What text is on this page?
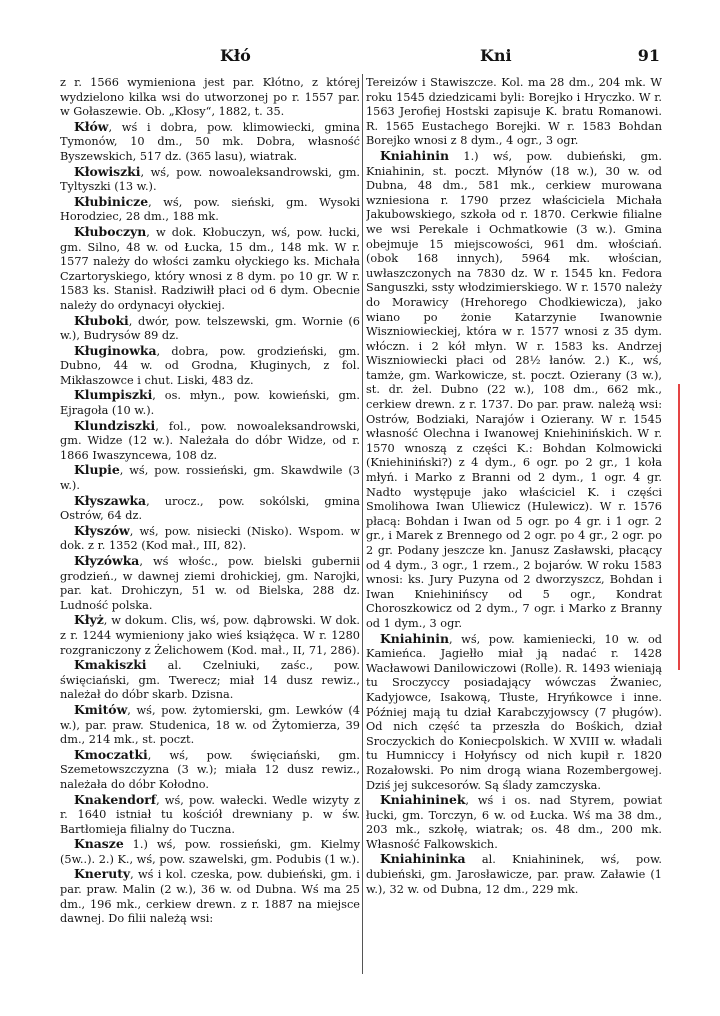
Kłó	Kni	91

z r. 1566 wymieniona jest par. Kłótno, z której wydzielono kilka wsi do utworzonej po r. 1557 par. w Gołaszewie. Ob. „Kłosy“, 1882, t. 35.

Kłów, wś i dobra, pow. klimowiecki, gmina Tymonów, 10 dm., 50 mk. Dobra, własność Byszewskich, 517 dz. (365 lasu), wiatrak.

Kłowiszki, wś, pow. nowoaleksandrowski, gm. Tyltyszki (13 w.).

Kłubinicze, wś, pow. sieński, gm. Wysoki Horodziec, 28 dm., 188 mk.

Kłuboczyn, w dok. Kłobuczyn, wś, pow. łucki, gm. Silno, 48 w. od Łucka, 15 dm., 148 mk. W r. 1577 należy do włości zamku ołyckiego ks. Michała Czartoryskiego, który wnosi z 8 dym. po 10 gr. W r. 1583 ks. Stanisł. Radziwiłł płaci od 6 dym. Obecnie należy do ordynacyi ołyckiej.

Kłuboki, dwór, pow. telszewski, gm. Wornie (6 w.), Budrysów 89 dz.

Kługinowka, dobra, pow. grodzieński, gm. Dubno, 44 w. od Grodna, Kługinych, z fol. Mikłaszowce i chut. Liski, 483 dz.

Klumpiszki, os. młyn., pow. kowieński, gm. Ejragoła (10 w.).

Klundziszki, fol., pow. nowoaleksandrowski, gm. Widze (12 w.). Należała do dóbr Widze, od r. 1866 Iwaszyncewa, 108 dz.

Klupie, wś, pow. rossieński, gm. Skawdwile (3 w.).

Kłyszawka, urocz., pow. sokólski, gmina Ostrów, 64 dz.

Kłyszów, wś, pow. nisiecki (Nisko). Wspom. w dok. z r. 1352 (Kod mał., III, 82).

Kłyzówka, wś włośc., pow. bielski gubernii grodzień., w dawnej ziemi drohickiej, gm. Narojki, par. kat. Drohiczyn, 51 w. od Bielska, 288 dz. Ludność polska.

Kłyż, w dokum. Clis, wś, pow. dąbrowski. W dok. z r. 1244 wymieniony jako wieś książęca. W r. 1280 rozgraniczony z Żelichowem (Kod. mał., II, 71, 286).

Kmakiszki al. Czelniuki, zaśc., pow. święciański, gm. Twerecz; miał 14 dusz rewiz., należał do dóbr skarb. Dzisna.

Kmitów, wś, pow. żytomierski, gm. Lewków (4 w.), par. praw. Studenica, 18 w. od Żytomierza, 39 dm., 214 mk., st. poczt.

Kmoczatki, wś, pow. święciański, gm. Szemetowszczyzna (3 w.); miała 12 dusz rewiz., należała do dóbr Kołodno.

Knakendorf, wś, pow. wałecki. Wedle wizyty z r. 1640 istniał tu kościół drewniany p. w św. Bartłomieja filialny do Tuczna.

Knasze 1.) wś, pow. rossieński, gm. Kielmy (5w..). 2.) K., wś, pow. szawelski, gm. Podubis (1 w.).

Kneruty, wś i kol. czeska, pow. dubieński, gm. i par. praw. Malin (2 w.), 36 w. od Dubna. Wś ma 25 dm., 196 mk., cerkiew drewn. z r. 1887 na miejsce dawnej. Do filii należą wsi:

Tereizów i Stawiszcze. Kol. ma 28 dm., 204 mk. W roku 1545 dziedzicami byli: Borejko i Hryczko. W r. 1563 Jerofiej Hostski zapisuje K. bratu Romanowi. R. 1565 Eustachego Borejki. W r. 1583 Bohdan Borejko wnosi z 8 dym., 4 ogr., 3 ogr.

Kniahinin 1.) wś, pow. dubieński, gm. Kniahinin, st. poczt. Młynów (18 w.), 30 w. od Dubna, 48 dm., 581 mk., cerkiew murowana wzniesiona r. 1790 przez właściciela Michała Jakubowskiego, szkoła od r. 1870. Cerkwie filialne we wsi Perekale i Ochmatkowie (3 w.). Gmina obejmuje 15 miejscowości, 961 dm. włościań. (obok 168 innych), 5964 mk. włościan, uwłaszczonych na 7830 dz. W r. 1545 kn. Fedora Sanguszki, ssty włodzimierskiego. W r. 1570 należy do Morawicy (Hrehorego Chodkiewicza), jako wiano po żonie Katarzynie Iwanownie Wiszniowieckiej, która w r. 1577 wnosi z 35 dym. włóczn. i 2 kół młyn. W r. 1583 ks. Andrzej Wiszniowiecki płaci od 28½ łanów. 2.) K., wś, tamże, gm. Warkowicze, st. poczt. Ozierany (3 w.), st. dr. żel. Dubno (22 w.), 108 dm., 662 mk., cerkiew drewn. z r. 1737. Do par. praw. należą wsi: Ostrów, Bodziaki, Narajów i Ozierany. W r. 1545 własność Olechna i Iwanowej Kniehinińskich. W r. 1570 wnoszą z części K.: Bohdan Kolmowicki (Kniehiniński?) z 4 dym., 6 ogr. po 2 gr., 1 koła młyń. i Marko z Branni od 2 dym., 1 ogr. 4 gr. Nadto występuje jako właściciel K. i części Smolihowa Iwan Uliewicz (Hulewicz). W r. 1576 płacą: Bohdan i Iwan od 5 ogr. po 4 gr. i 1 ogr. 2 gr., i Marek z Brennego od 2 ogr. po 4 gr., 2 ogr. po 2 gr. Podany jeszcze kn. Janusz Zasławski, płacący od 4 dym., 3 ogr., 1 rzem., 2 bojarów. W roku 1583 wnosi: ks. Jury Puzyna od 2 dworzyszcz, Bohdan i Iwan Kniehinińscy od 5 ogr., Kondrat Choroszkowicz od 2 dym., 7 ogr. i Marko z Branny od 1 dym., 3 ogr.

Kniahinin, wś, pow. kamieniecki, 10 w. od Kamieńca. Jagiełło miał ją nadać r. 1428 Wacławowi Danilowiczowi (Rolle). R. 1493 wieniają tu Sroczyccy posiadający wówczas Żwaniec, Kadyjowce, Isakową, Tłuste, Hryńkowce i inne. Później mają tu dział Karabczyjowscy (7 pługów). Od nich część ta przeszła do Bośkich, dział Sroczyckich do Koniecpolskich. W XVIII w. władali tu Humniccy i Hołyńscy od nich kupił r. 1820 Rozałowski. Po nim drogą wiana Rozembergowej. Dziś jej sukcesorów. Są ślady zamczyska.

Kniahininek, wś i os. nad Styrem, powiat łucki, gm. Torczyn, 6 w. od Łucka. Wś ma 38 dm., 203 mk., szkołę, wiatrak; os. 48 dm., 200 mk. Własność Falkowskich.

Kniahininka al. Kniahininek, wś, pow. dubieński, gm. Jarosławicze, par. praw. Załawie (1 w.), 32 w. od Dubna, 12 dm., 229 mk.
